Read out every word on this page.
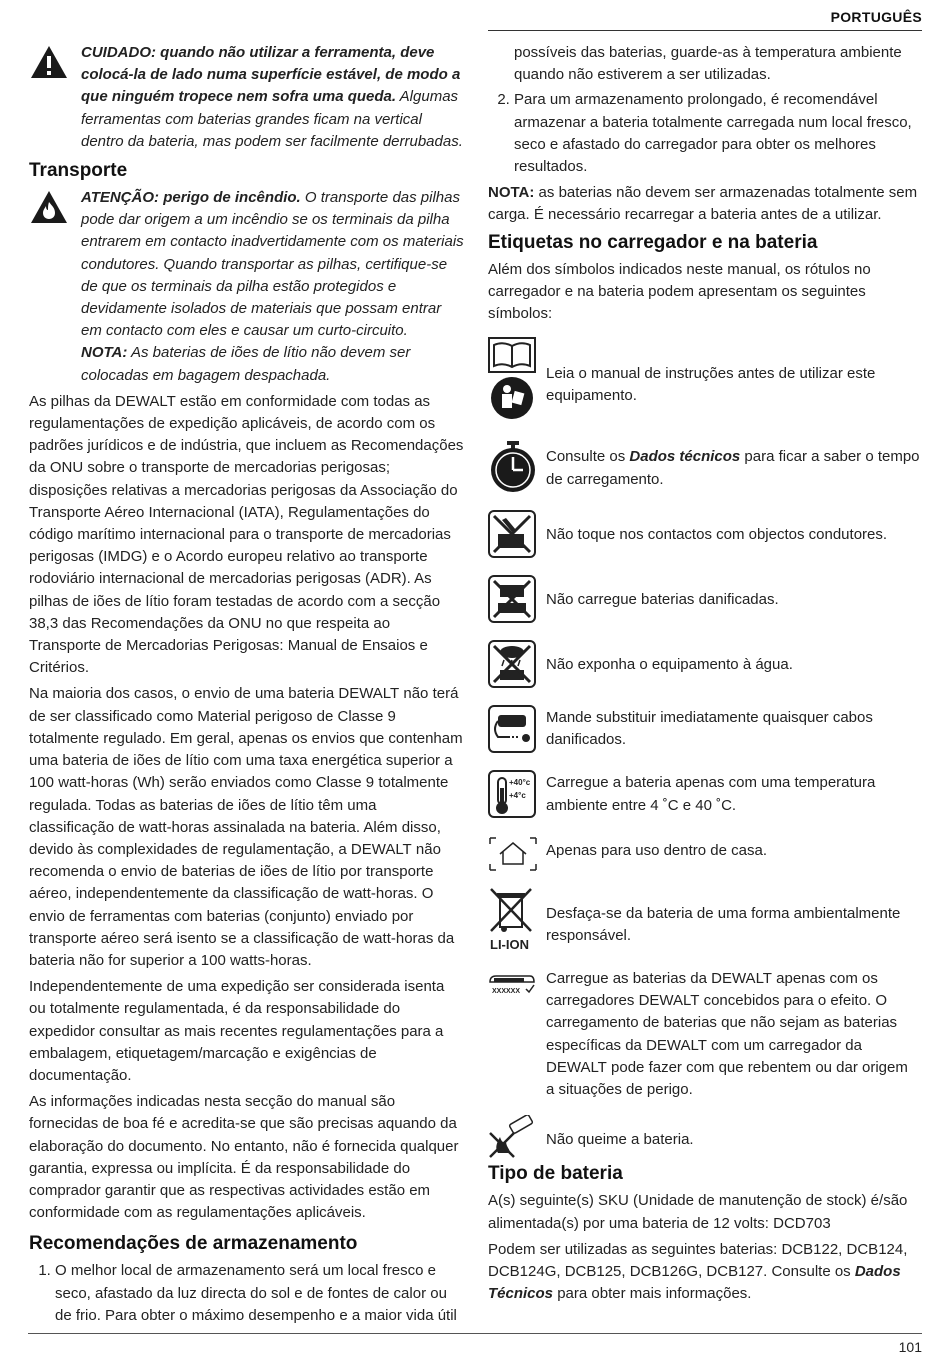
PORTUGUÊS
CUIDADO: quando não utilizar a ferramenta, deve colocá-la de lado numa superfície estável, de modo a que ninguém tropece nem sofra uma queda. Algumas ferramentas com baterias grandes ficam na vertical dentro da bateria, mas podem ser facilmente derrubadas.
Transporte
ATENÇÃO: perigo de incêndio. O transporte das pilhas pode dar origem a um incêndio se os terminais da pilha entrarem em contacto inadvertidamente com os materiais condutores. Quando transportar as pilhas, certifique-se de que os terminais da pilha estão protegidos e devidamente isolados de materiais que possam entrar em contacto com eles e causar um curto-circuito.
NOTA: As baterias de iões de lítio não devem ser colocadas em bagagem despachada.

As pilhas da DEWALT estão em conformidade com todas as regulamentações de expedição aplicáveis, de acordo com os padrões jurídicos e de indústria, que incluem as Recomendações da ONU sobre o transporte de mercadorias perigosas; disposições relativas a mercadorias perigosas da Associação do Transporte Aéreo Internacional (IATA), Regulamentações do código marítimo internacional para o transporte de mercadorias perigosas (IMDG) e o Acordo europeu relativo ao transporte rodoviário internacional de mercadorias perigosas (ADR). As pilhas de iões de lítio foram testadas de acordo com a secção 38,3 das Recomendações da ONU no que respeita ao Transporte de Mercadorias Perigosas: Manual de Ensaios e Critérios.

Na maioria dos casos, o envio de uma bateria DEWALT não terá de ser classificado como Material perigoso de Classe 9 totalmente regulado. Em geral, apenas os envios que contenham uma bateria de iões de lítio com uma taxa energética superior a 100 watt-horas (Wh) serão enviados como Classe 9 totalmente regulada. Todas as baterias de iões de lítio têm uma classificação de watt-horas assinalada na bateria. Além disso, devido às complexidades de regulamentação, a DEWALT não recomenda o envio de baterias de iões de lítio por transporte aéreo, independentemente da classificação de watt-horas. O envio de ferramentas com baterias (conjunto) enviado por transporte aéreo será isento se a classificação de watt-horas da bateria não for superior a 100 watts-horas.

Independentemente de uma expedição ser considerada isenta ou totalmente regulamentada, é da responsabilidade do expedidor consultar as mais recentes regulamentações para a embalagem, etiquetagem/marcação e exigências de documentação.

As informações indicadas nesta secção do manual são fornecidas de boa fé e acredita-se que são precisas aquando da elaboração do documento. No entanto, não é fornecida qualquer garantia, expressa ou implícita. É da responsabilidade do comprador garantir que as respectivas actividades estão em conformidade com as regulamentações aplicáveis.

Recomendações de armazenamento
1. O melhor local de armazenamento será um local fresco e seco, afastado da luz directa do sol e de fontes de calor ou de frio. Para obter o máximo desempenho e a maior vida útil
possíveis das baterias, guarde-as à temperatura ambiente quando não estiverem a ser utilizadas.
2. Para um armazenamento prolongado, é recomendável armazenar a bateria totalmente carregada num local fresco, seco e afastado do carregador para obter os melhores resultados.

NOTA: as baterias não devem ser armazenadas totalmente sem carga. É necessário recarregar a bateria antes de a utilizar.

Etiquetas no carregador e na bateria

Além dos símbolos indicados neste manual, os rótulos no carregador e na bateria podem apresentam os seguintes símbolos:

Leia o manual de instruções antes de utilizar este equipamento.
Consulte os Dados técnicos para ficar a saber o tempo de carregamento.
Não toque nos contactos com objectos condutores.
Não carregue baterias danificadas.
Não exponha o equipamento à água.
Mande substituir imediatamente quaisquer cabos danificados.
+40°c
+4°c
Carregue a bateria apenas com uma temperatura ambiente entre 4 ˚C e 40 ˚C.
Apenas para uso dentro de casa.
LI-ION
Desfaça-se da bateria de uma forma ambientalmente responsável.
XXXXXX
Carregue as baterias da DEWALT apenas com os carregadores DEWALT concebidos para o efeito. O carregamento de baterias que não sejam as baterias específicas da DEWALT com um carregador da DEWALT pode fazer com que rebentem ou dar origem a situações de perigo.
Não queime a bateria.
Tipo de bateria

A(s) seguinte(s) SKU (Unidade de manutenção de stock) é/são alimentada(s) por uma bateria de 12 volts: DCD703

Podem ser utilizadas as seguintes baterias: DCB122, DCB124, DCB124G, DCB125, DCB126G, DCB127. Consulte os Dados Técnicos para obter mais informações.

101
